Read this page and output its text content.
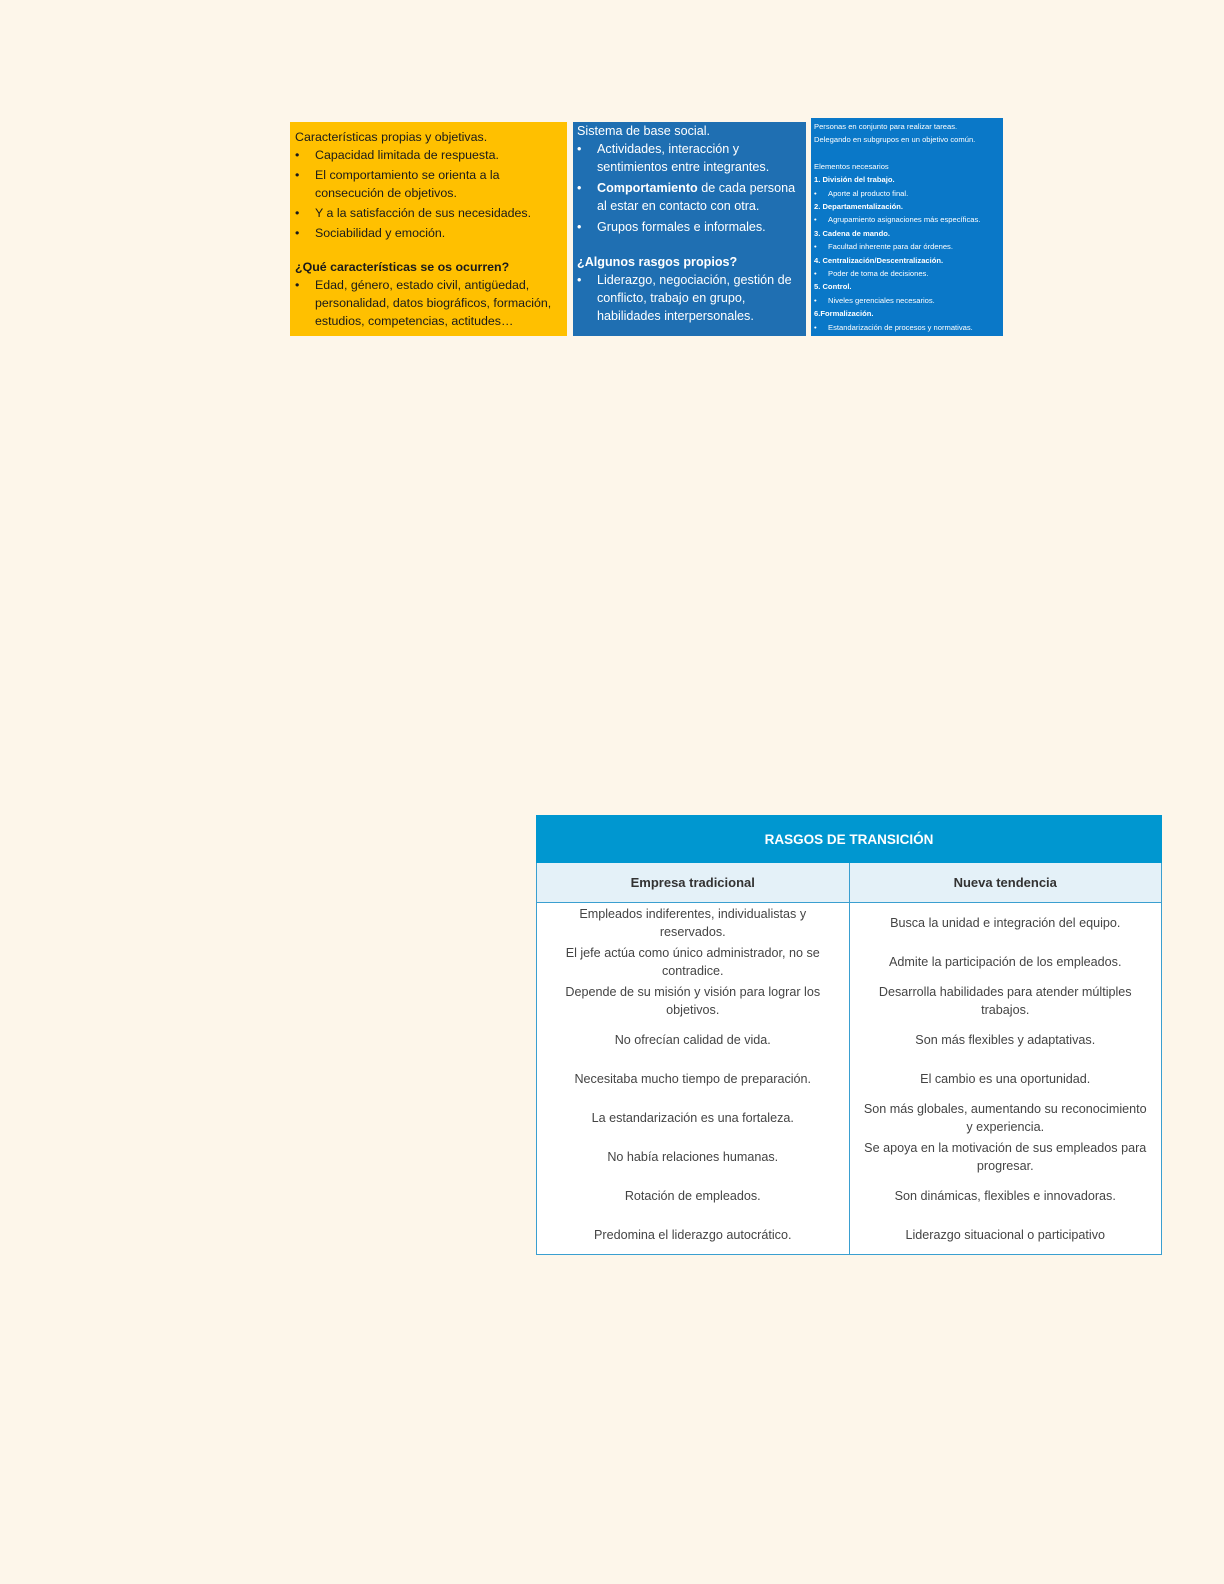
Características propias y objetivas.
• Capacidad limitada de respuesta.
• El comportamiento se orienta a la consecución de objetivos.
• Y a la satisfacción de sus necesidades.
• Sociabilidad y emoción.
¿Qué características se os ocurren?
• Edad, género, estado civil, antigüedad, personalidad, datos biográficos, formación, estudios, competencias, actitudes…
Sistema de base social.
• Actividades, interacción y sentimientos entre integrantes.
• Comportamiento de cada persona al estar en contacto con otra.
• Grupos formales e informales.
¿Algunos rasgos propios?
• Liderazgo, negociación, gestión de conflicto, trabajo en grupo, habilidades interpersonales.
Personas en conjunto para realizar tareas.
Delegando en subgrupos en un objetivo común.
Elementos necesarios
1. División del trabajo.
• Aporte al producto final.
2. Departamentalización.
• Agrupamiento asignaciones más específicas.
3. Cadena de mando.
• Facultad inherente para dar órdenes.
4. Centralización/Descentralización.
• Poder de toma de decisiones.
5. Control.
• Niveles gerenciales necesarios.
6.Formalización.
• Estandarización de procesos y normativas.
RASGOS DE TRANSICIÓN	
Empresa tradicional	Nueva tendencia
Empleados indiferentes, individualistas y reservados.	Busca la unidad e integración del equipo.
El jefe actúa como único administrador, no se contradice.	Admite la participación de los empleados.
Depende de su misión y visión para lograr los objetivos.	Desarrolla habilidades para atender múltiples trabajos.
No ofrecían calidad de vida.	Son más flexibles y adaptativas.
Necesitaba mucho tiempo de preparación.	El cambio es una oportunidad.
La estandarización es una fortaleza.	Son más globales, aumentando su reconocimiento y experiencia.
No había relaciones humanas.	Se apoya en la motivación de sus empleados para progresar.
Rotación de empleados.	Son dinámicas, flexibles e innovadoras.
Predomina el liderazgo autocrático.	Liderazgo situacional o participativo
